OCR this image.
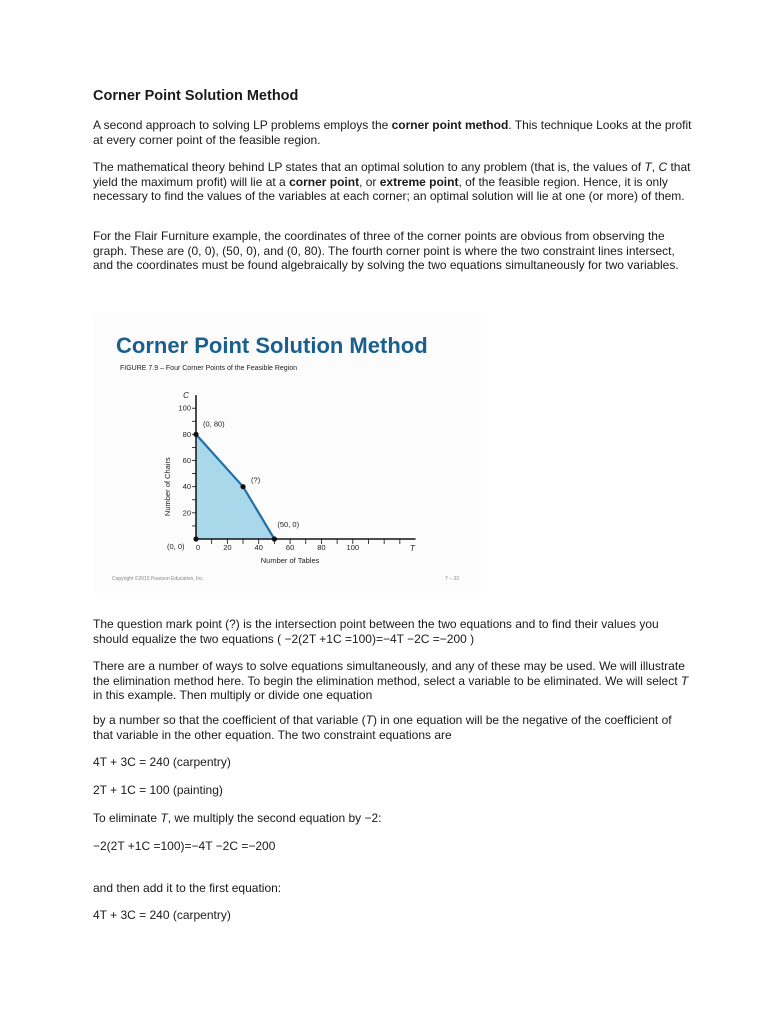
Corner Point Solution Method
A second approach to solving LP problems employs the corner point method. This technique Looks at the profit at every corner point of the feasible region.
The mathematical theory behind LP states that an optimal solution to any problem (that is, the values of T, C that yield the maximum profit) will lie at a corner point, or extreme point, of the feasible region. Hence, it is only necessary to find the values of the variables at each corner; an optimal solution will lie at one (or more) of them.
For the Flair Furniture example, the coordinates of three of the corner points are obvious from observing the graph. These are (0, 0), (50, 0), and (0, 80). The fourth corner point is where the two constraint lines intersect, and the coordinates must be found algebraically by solving the two equations simultaneously for two variables.
The question mark point (?) is the intersection point between the two equations and to find their values you should equalize the two equations ( −2(2T +1C =100)=−4T −2C =−200 )
There are a number of ways to solve equations simultaneously, and any of these may be used. We will illustrate the elimination method here. To begin the elimination method, select a variable to be eliminated. We will select T in this example. Then multiply or divide one equation
by a number so that the coefficient of that variable (T) in one equation will be the negative of the coefficient of that variable in the other equation. The two constraint equations are
4T + 3C = 240 (carpentry)
2T + 1C = 100 (painting)
To eliminate T, we multiply the second equation by −2:
−2(2T +1C =100)=−4T −2C =−200
and then add it to the first equation:
4T + 3C = 240 (carpentry)
Corner Point Solution Method
FIGURE 7.9 – Four Corner Points of the Feasible Region
0	20	40	60	80	100
20
40
60
80
100
C
T
Number of Tables
Number of Chairs
(0, 0)
(0, 80)
(?)
(50, 0)
Copyright ©2015 Pearson Education, Inc.	7 – 33
